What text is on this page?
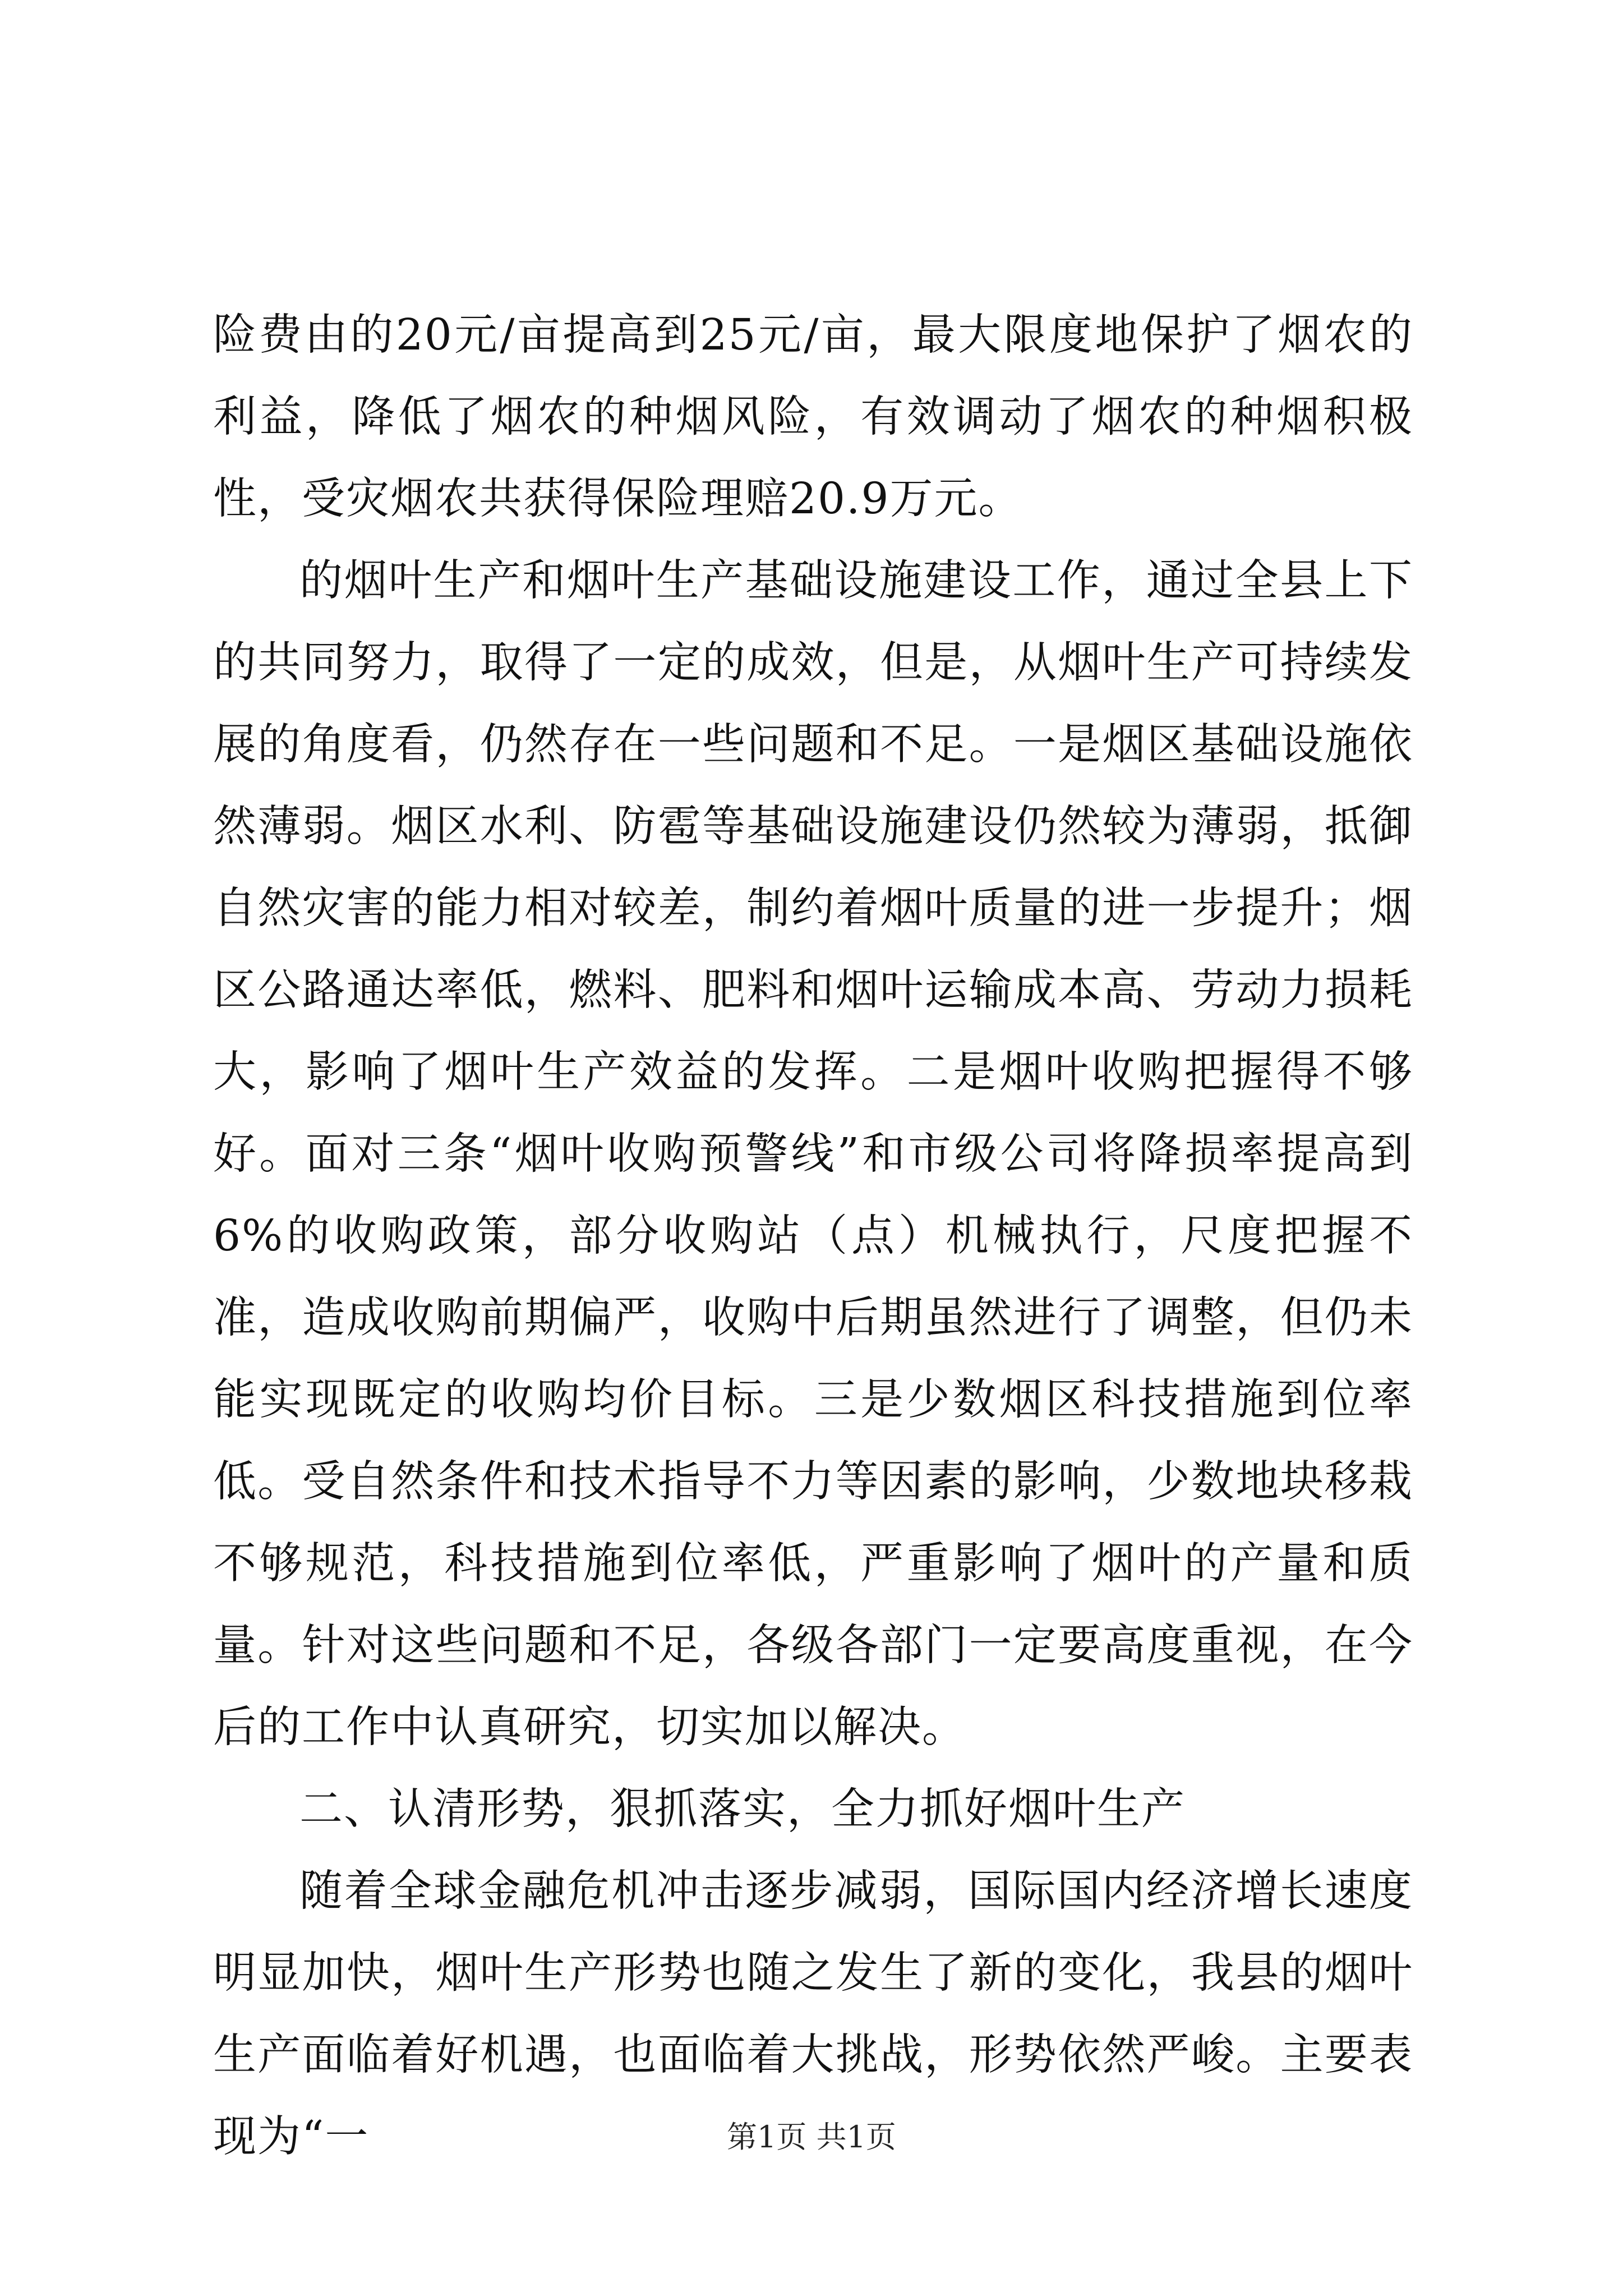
险费由的20元/亩提高到25元/亩，最大限度地保护了烟农的利益，降低了烟农的种烟风险，有效调动了烟农的种烟积极性，受灾烟农共获得保险理赔20.9万元。

的烟叶生产和烟叶生产基础设施建设工作，通过全县上下的共同努力，取得了一定的成效，但是，从烟叶生产可持续发展的角度看，仍然存在一些问题和不足。一是烟区基础设施依然薄弱。烟区水利、防雹等基础设施建设仍然较为薄弱，抵御自然灾害的能力相对较差，制约着烟叶质量的进一步提升；烟区公路通达率低，燃料、肥料和烟叶运输成本高、劳动力损耗大，影响了烟叶生产效益的发挥。二是烟叶收购把握得不够好。面对三条“烟叶收购预警线”和市级公司将降损率提高到6%的收购政策，部分收购站（点）机械执行，尺度把握不准，造成收购前期偏严，收购中后期虽然进行了调整，但仍未能实现既定的收购均价目标。三是少数烟区科技措施到位率低。受自然条件和技术指导不力等因素的影响，少数地块移栽不够规范，科技措施到位率低，严重影响了烟叶的产量和质量。针对这些问题和不足，各级各部门一定要高度重视，在今后的工作中认真研究，切实加以解决。

二、认清形势，狠抓落实，全力抓好烟叶生产

随着全球金融危机冲击逐步减弱，国际国内经济增长速度明显加快，烟叶生产形势也随之发生了新的变化，我县的烟叶生产面临着好机遇，也面临着大挑战，形势依然严峻。主要表现为“一	第1页 共1页
